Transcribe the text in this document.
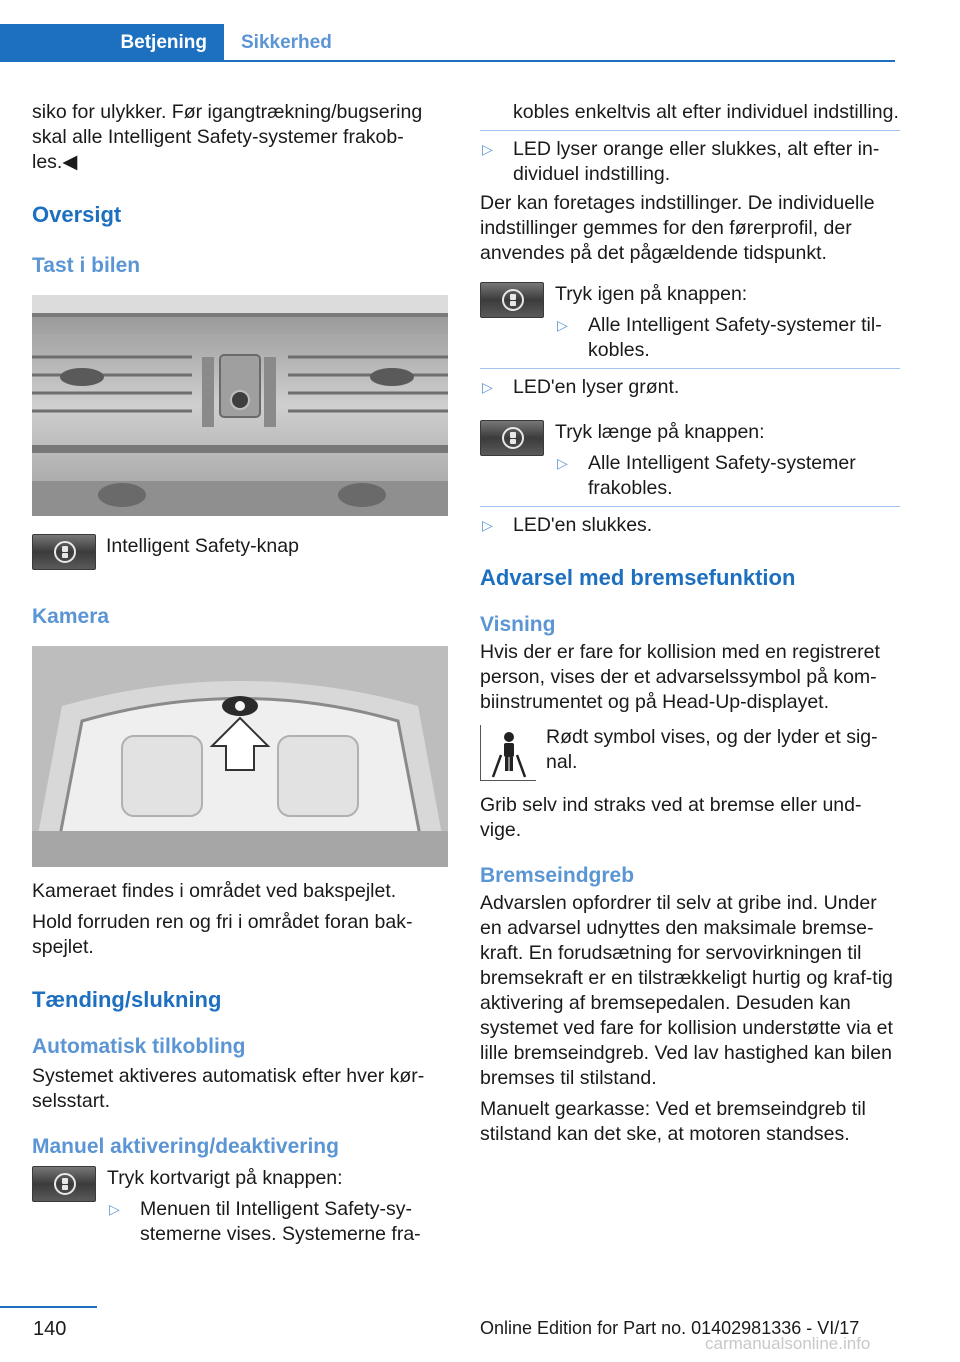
Betjening	Sikkerhed

siko for ulykker. Før igangtrækning/bugsering skal alle Intelligent Safety-systemer frakob-les.◀

Oversigt
Tast i bilen
Intelligent Safety-knap
Kamera

Kameraet findes i området ved bakspejlet.

Hold forruden ren og fri i området foran bak-spejlet.

Tænding/slukning
Automatisk tilkobling

Systemet aktiveres automatisk efter hver kør-selsstart.

Manuel aktivering/deaktivering

Tryk kortvarigt på knappen:

▷	Menuen til Intelligent Safety-sy-stemerne vises. Systemerne fra-
kobles enkeltvis alt efter individuel indstilling.
▷	LED lyser orange eller slukkes, alt efter in-dividuel indstilling.

Der kan foretages indstillinger. De individuelle indstillinger gemmes for den førerprofil, der anvendes på det pågældende tidspunkt.

Tryk igen på knappen:

▷	Alle Intelligent Safety-systemer til-kobles.
▷	LED'en lyser grønt.

Tryk længe på knappen:

▷	Alle Intelligent Safety-systemer frakobles.
▷	LED'en slukkes.
Advarsel med bremsefunktion
Visning

Hvis der er fare for kollision med en registreret person, vises der et advarselssymbol på kom-biinstrumentet og på Head-Up-displayet.

Rødt symbol vises, og der lyder et sig-nal.

Grib selv ind straks ved at bremse eller und-vige.

Bremseindgreb

Advarslen opfordrer til selv at gribe ind. Under en advarsel udnyttes den maksimale bremse-kraft. En forudsætning for servovirkningen til bremsekraft er en tilstrækkeligt hurtig og kraf-tig aktivering af bremsepedalen. Desuden kan systemet ved fare for kollision understøtte via et lille bremseindgreb. Ved lav hastighed kan bilen bremses til stilstand.

Manuelt gearkasse: Ved et bremseindgreb til stilstand kan det ske, at motoren standses.

140	Online Edition for Part no. 01402981336 - VI/17
carmanualsonline.info
